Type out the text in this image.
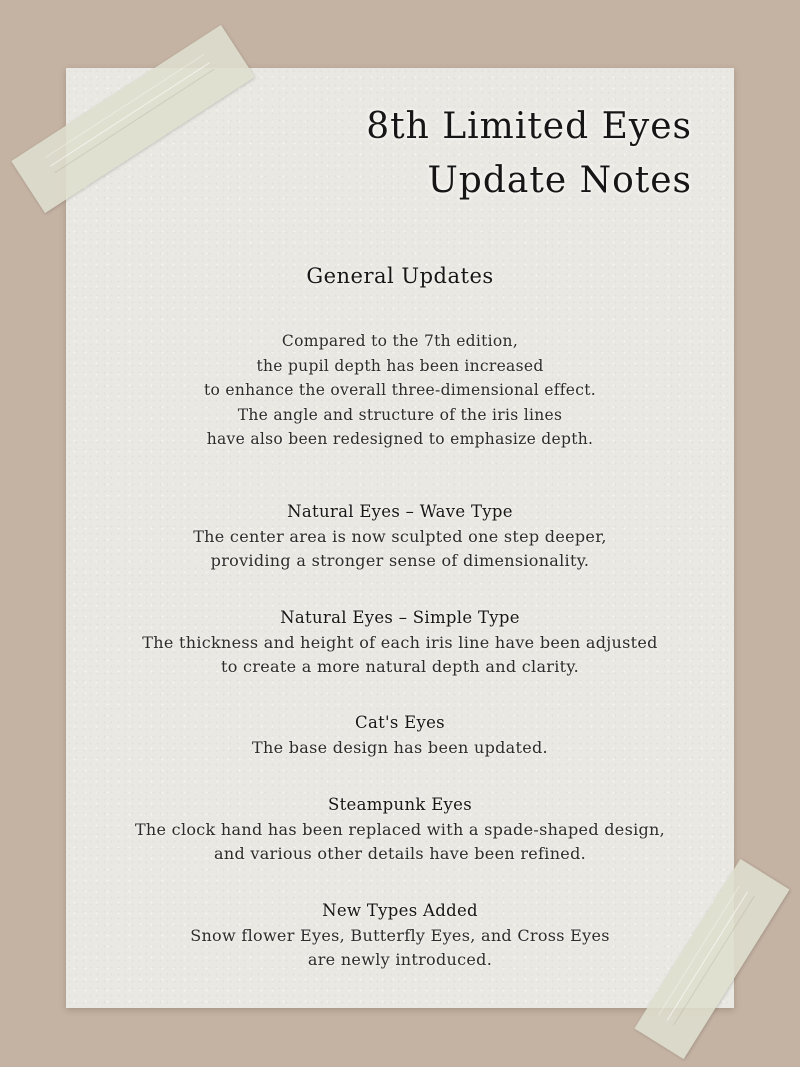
8th Limited Eyes
Update Notes
General Updates

Compared to the 7th edition,

the pupil depth has been increased

to enhance the overall three-dimensional effect.

The angle and structure of the iris lines

have also been redesigned to emphasize depth.

Natural Eyes – Wave Type

The center area is now sculpted one step deeper,

providing a stronger sense of dimensionality.

Natural Eyes – Simple Type

The thickness and height of each iris line have been adjusted

to create a more natural depth and clarity.

Cat's Eyes

The base design has been updated.

Steampunk Eyes

The clock hand has been replaced with a spade-shaped design,

and various other details have been refined.

New Types Added

Snow flower Eyes, Butterfly Eyes, and Cross Eyes

are newly introduced.
